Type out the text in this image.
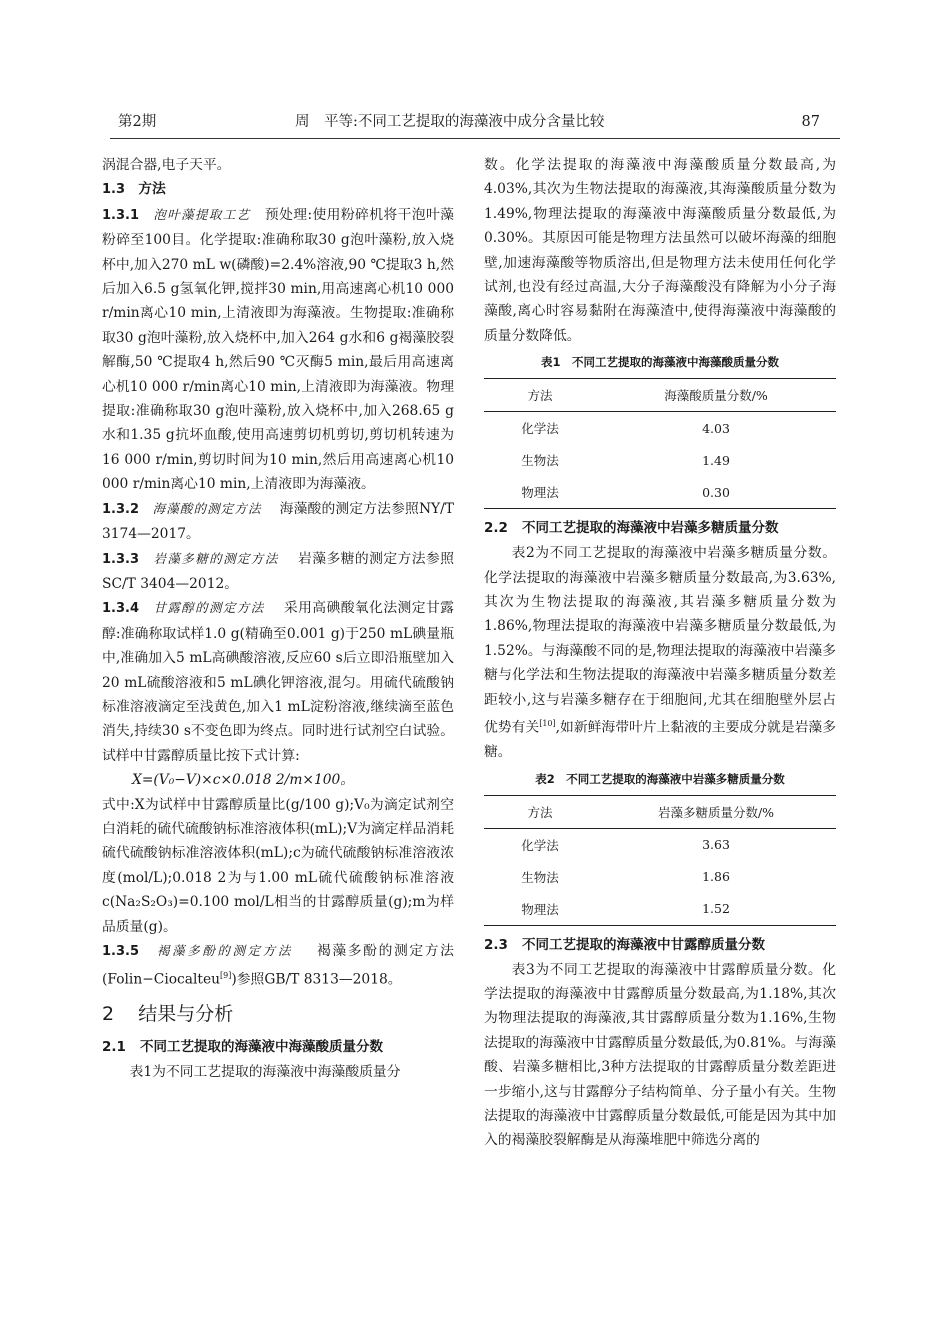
第2期	周　平等:不同工艺提取的海藻液中成分含量比较	87

涡混合器,电子天平。

1.3 方法

1.3.1 泡叶藻提取工艺 预处理:使用粉碎机将干泡叶藻粉碎至100目。化学提取:准确称取30 g泡叶藻粉,放入烧杯中,加入270 mL w(磷酸)=2.4%溶液,90 ℃提取3 h,然后加入6.5 g氢氧化钾,搅拌30 min,用高速离心机10 000 r/min离心10 min,上清液即为海藻液。生物提取:准确称取30 g泡叶藻粉,放入烧杯中,加入264 g水和6 g褐藻胶裂解酶,50 ℃提取4 h,然后90 ℃灭酶5 min,最后用高速离心机10 000 r/min离心10 min,上清液即为海藻液。物理提取:准确称取30 g泡叶藻粉,放入烧杯中,加入268.65 g水和1.35 g抗坏血酸,使用高速剪切机剪切,剪切机转速为16 000 r/min,剪切时间为10 min,然后用高速离心机10 000 r/min离心10 min,上清液即为海藻液。

1.3.2 海藻酸的测定方法 海藻酸的测定方法参照NY/T 3174—2017。

1.3.3 岩藻多糖的测定方法 岩藻多糖的测定方法参照SC/T 3404—2012。

1.3.4 甘露醇的测定方法 采用高碘酸氧化法测定甘露醇:准确称取试样1.0 g(精确至0.001 g)于250 mL碘量瓶中,准确加入5 mL高碘酸溶液,反应60 s后立即沿瓶壁加入20 mL硫酸溶液和5 mL碘化钾溶液,混匀。用硫代硫酸钠标准溶液滴定至浅黄色,加入1 mL淀粉溶液,继续滴至蓝色消失,持续30 s不变色即为终点。同时进行试剂空白试验。试样中甘露醇质量比按下式计算:

X=(V₀−V)×c×0.018 2/m×100。

式中:X为试样中甘露醇质量比(g/100 g);V₀为滴定试剂空白消耗的硫代硫酸钠标准溶液体积(mL);V为滴定样品消耗硫代硫酸钠标准溶液体积(mL);c为硫代硫酸钠标准溶液浓度(mol/L);0.018 2为与1.00 mL硫代硫酸钠标准溶液c(Na₂S₂O₃)=0.100 mol/L相当的甘露醇质量(g);m为样品质量(g)。

1.3.5 褐藻多酚的测定方法 褐藻多酚的测定方法(Folin−Ciocalteu[9])参照GB/T 8313—2018。

2 结果与分析
2.1 不同工艺提取的海藻液中海藻酸质量分数

表1为不同工艺提取的海藻液中海藻酸质量分

数。化学法提取的海藻液中海藻酸质量分数最高,为4.03%,其次为生物法提取的海藻液,其海藻酸质量分数为1.49%,物理法提取的海藻液中海藻酸质量分数最低,为0.30%。其原因可能是物理方法虽然可以破坏海藻的细胞壁,加速海藻酸等物质溶出,但是物理方法未使用任何化学试剂,也没有经过高温,大分子海藻酸没有降解为小分子海藻酸,离心时容易黏附在海藻渣中,使得海藻液中海藻酸的质量分数降低。

表1　不同工艺提取的海藻液中海藻酸质量分数
方法	海藻酸质量分数/%
化学法	4.03
生物法	1.49
物理法	0.30
2.2 不同工艺提取的海藻液中岩藻多糖质量分数

表2为不同工艺提取的海藻液中岩藻多糖质量分数。化学法提取的海藻液中岩藻多糖质量分数最高,为3.63%,其次为生物法提取的海藻液,其岩藻多糖质量分数为1.86%,物理法提取的海藻液中岩藻多糖质量分数最低,为1.52%。与海藻酸不同的是,物理法提取的海藻液中岩藻多糖与化学法和生物法提取的海藻液中岩藻多糖质量分数差距较小,这与岩藻多糖存在于细胞间,尤其在细胞壁外层占优势有关[10],如新鲜海带叶片上黏液的主要成分就是岩藻多糖。

表2　不同工艺提取的海藻液中岩藻多糖质量分数
方法	岩藻多糖质量分数/%
化学法	3.63
生物法	1.86
物理法	1.52
2.3 不同工艺提取的海藻液中甘露醇质量分数

表3为不同工艺提取的海藻液中甘露醇质量分数。化学法提取的海藻液中甘露醇质量分数最高,为1.18%,其次为物理法提取的海藻液,其甘露醇质量分数为1.16%,生物法提取的海藻液中甘露醇质量分数最低,为0.81%。与海藻酸、岩藻多糖相比,3种方法提取的甘露醇质量分数差距进一步缩小,这与甘露醇分子结构简单、分子量小有关。生物法提取的海藻液中甘露醇质量分数最低,可能是因为其中加入的褐藻胶裂解酶是从海藻堆肥中筛选分离的
